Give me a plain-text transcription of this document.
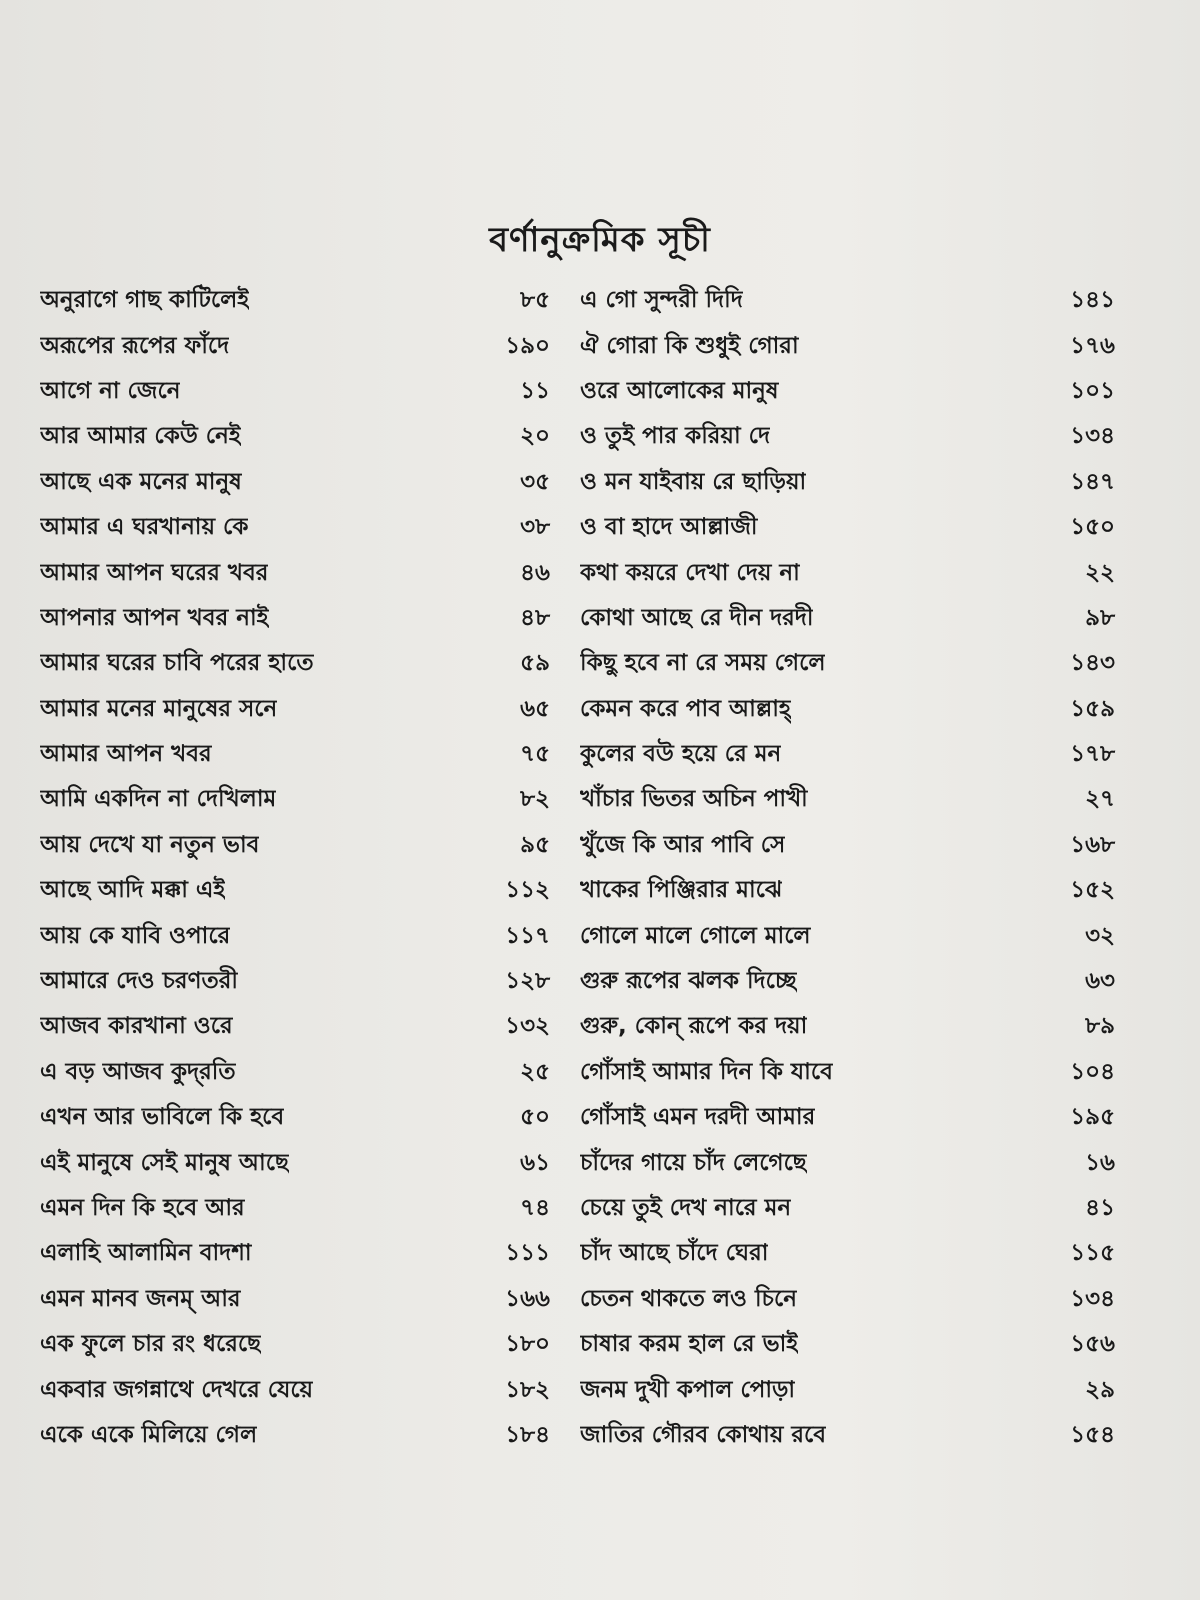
বর্ণানুক্রমিক সূচী
অনুরাগে গাছ কাটিলেই	৮৫
অরূপের রূপের ফাঁদে	১৯০
আগে না জেনে	১১
আর আমার কেউ নেই	২০
আছে এক মনের মানুষ	৩৫
আমার এ ঘরখানায় কে	৩৮
আমার আপন ঘরের খবর	৪৬
আপনার আপন খবর নাই	৪৮
আমার ঘরের চাবি পরের হাতে	৫৯
আমার মনের মানুষের সনে	৬৫
আমার আপন খবর	৭৫
আমি একদিন না দেখিলাম	৮২
আয় দেখে যা নতুন ভাব	৯৫
আছে আদি মক্কা এই	১১২
আয় কে যাবি ওপারে	১১৭
আমারে দেও চরণতরী	১২৮
আজব কারখানা ওরে	১৩২
এ বড় আজব কুদ্‌রতি	২৫
এখন আর ভাবিলে কি হবে	৫০
এই মানুষে সেই মানুষ আছে	৬১
এমন দিন কি হবে আর	৭৪
এলাহি আলামিন বাদশা	১১১
এমন মানব জনম্‌ আর	১৬৬
এক ফুলে চার রং ধরেছে	১৮০
একবার জগন্নাথে দেখরে যেয়ে	১৮২
একে একে মিলিয়ে গেল	১৮৪
এ গো সুন্দরী দিদি	১৪১
ঐ গোরা কি শুধুই গোরা	১৭৬
ওরে আলোকের মানুষ	১০১
ও তুই পার করিয়া দে	১৩৪
ও মন যাইবায় রে ছাড়িয়া	১৪৭
ও বা হাদে আল্লাজী	১৫০
কথা কয়রে দেখা দেয় না	২২
কোথা আছে রে দীন দরদী	৯৮
কিছু হবে না রে সময় গেলে	১৪৩
কেমন করে পাব আল্লাহ্‌	১৫৯
কুলের বউ হয়ে রে মন	১৭৮
খাঁচার ভিতর অচিন পাখী	২৭
খুঁজে কি আর পাবি সে	১৬৮
খাকের পিঞ্জিরার মাঝে	১৫২
গোলে মালে গোলে মালে	৩২
গুরু রূপের ঝলক দিচ্ছে	৬৩
গুরু, কোন্‌ রূপে কর দয়া	৮৯
গোঁসাই আমার দিন কি যাবে	১০৪
গোঁসাই এমন দরদী আমার	১৯৫
চাঁদের গায়ে চাঁদ লেগেছে	১৬
চেয়ে তুই দেখ নারে মন	৪১
চাঁদ আছে চাঁদে ঘেরা	১১৫
চেতন থাকতে লও চিনে	১৩৪
চাষার করম হাল রে ভাই	১৫৬
জনম দুখী কপাল পোড়া	২৯
জাতির গৌরব কোথায় রবে	১৫৪
